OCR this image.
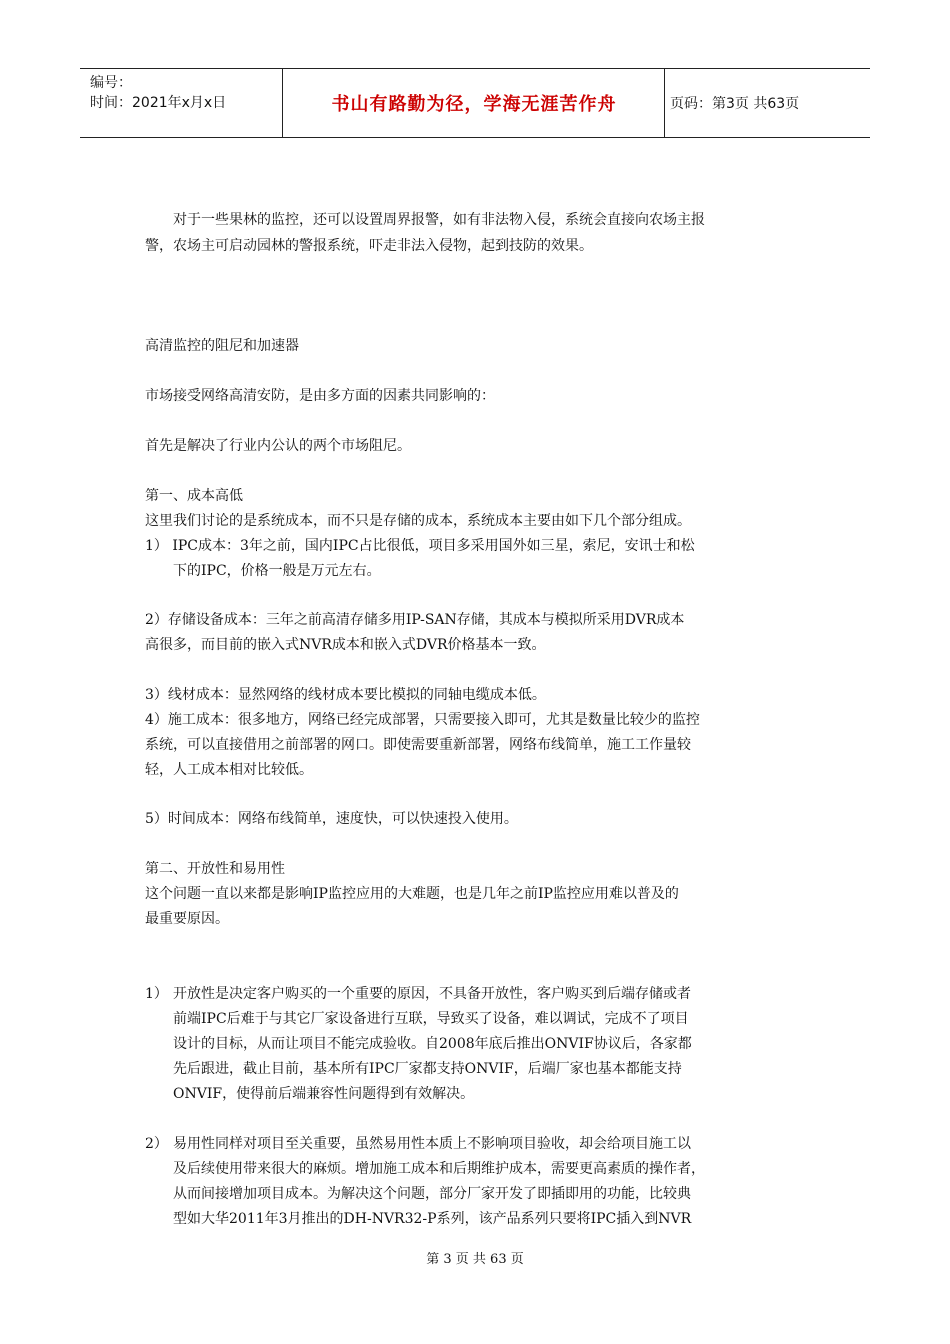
编号：
时间：2021年x月x日	书山有路勤为径，学海无涯苦作舟	页码：第3页 共63页

对于一些果林的监控，还可以设置周界报警，如有非法物入侵，系统会直接向农场主报

警，农场主可启动园林的警报系统，吓走非法入侵物，起到技防的效果。

高清监控的阻尼和加速器

市场接受网络高清安防，是由多方面的因素共同影响的：

首先是解决了行业内公认的两个市场阻尼。

第一、成本高低

这里我们讨论的是系统成本，而不只是存储的成本，系统成本主要由如下几个部分组成。

1） IPC成本：3年之前，国内IPC占比很低，项目多采用国外如三星，索尼，安讯士和松

下的IPC，价格一般是万元左右。

2）存储设备成本：三年之前高清存储多用IP-SAN存储，其成本与模拟所采用DVR成本

高很多，而目前的嵌入式NVR成本和嵌入式DVR价格基本一致。

3）线材成本：显然网络的线材成本要比模拟的同轴电缆成本低。

4）施工成本：很多地方，网络已经完成部署，只需要接入即可，尤其是数量比较少的监控

系统，可以直接借用之前部署的网口。即使需要重新部署，网络布线简单，施工工作量较

轻，人工成本相对比较低。

5）时间成本：网络布线简单，速度快，可以快速投入使用。

第二、开放性和易用性

这个问题一直以来都是影响IP监控应用的大难题，也是几年之前IP监控应用难以普及的

最重要原因。

1） 开放性是决定客户购买的一个重要的原因，不具备开放性，客户购买到后端存储或者

前端IPC后难于与其它厂家设备进行互联，导致买了设备，难以调试，完成不了项目

设计的目标，从而让项目不能完成验收。自2008年底后推出ONVIF协议后，各家都

先后跟进，截止目前，基本所有IPC厂家都支持ONVIF，后端厂家也基本都能支持

ONVIF，使得前后端兼容性问题得到有效解决。

2） 易用性同样对项目至关重要，虽然易用性本质上不影响项目验收，却会给项目施工以

及后续使用带来很大的麻烦。增加施工成本和后期维护成本，需要更高素质的操作者，

从而间接增加项目成本。为解决这个问题，部分厂家开发了即插即用的功能，比较典

型如大华2011年3月推出的DH-NVR32-P系列，该产品系列只要将IPC插入到NVR

第 3 页 共 63 页
